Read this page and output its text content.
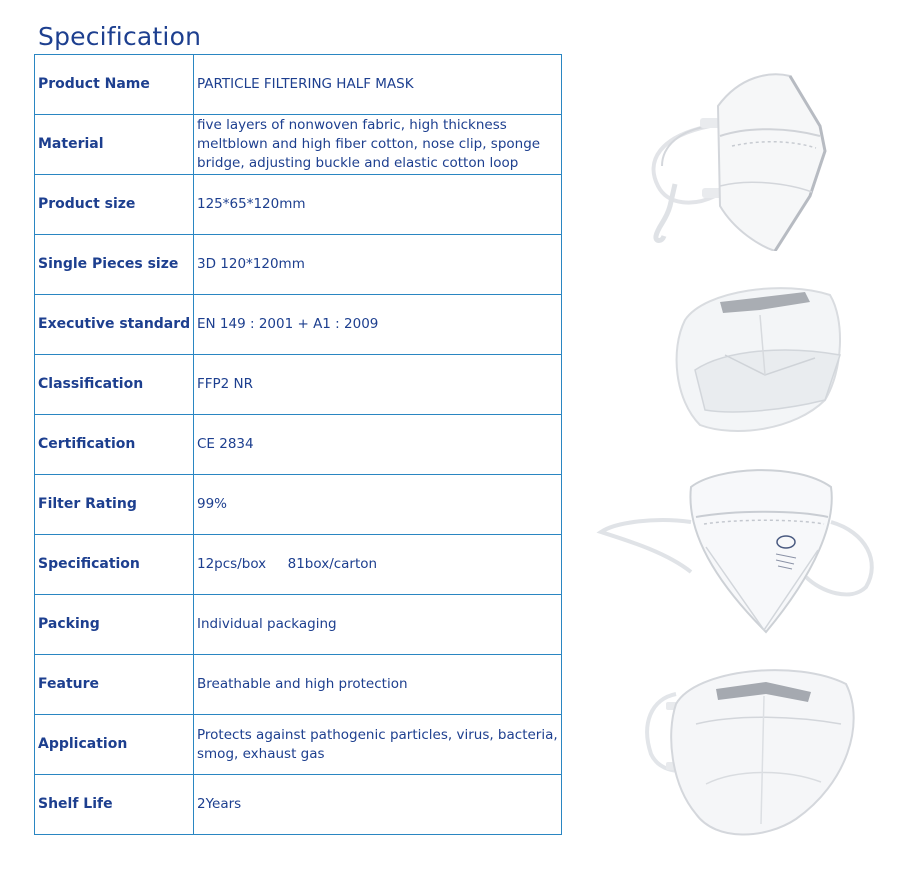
Specification
Product Name	PARTICLE FILTERING HALF MASK
Material	five layers of nonwoven fabric, high thickness meltblown and high fiber cotton, nose clip, sponge bridge, adjusting buckle and elastic cotton loop
Product size	125*65*120mm
Single Pieces size	3D 120*120mm
Executive standard	EN 149 : 2001 + A1 : 2009
Classification	FFP2 NR
Certification	CE 2834
Filter Rating	99%
Specification	12pcs/box     81box/carton
Packing	Individual packaging
Feature	Breathable and high protection
Application	Protects against pathogenic particles, virus, bacteria, smog, exhaust gas
Shelf Life	2Years
